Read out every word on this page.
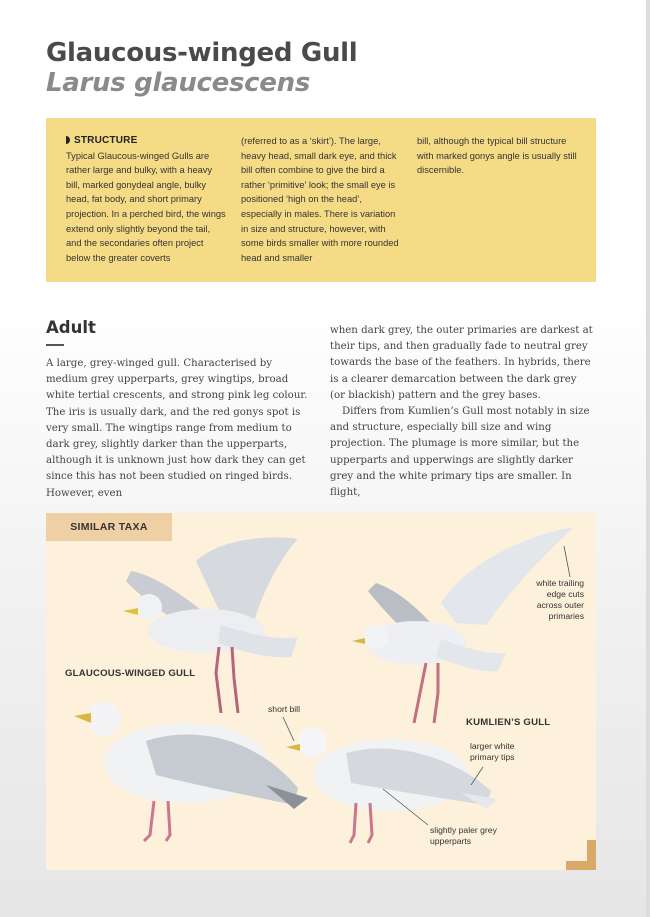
Glaucous-winged Gull
Larus glaucescens
STRUCTURE
Typical Glaucous-winged Gulls are rather large and bulky, with a heavy bill, marked gonydeal angle, bulky head, fat body, and short primary projection. In a perched bird, the wings extend only slightly beyond the tail, and the secondaries often project below the greater coverts
(referred to as a ‘skirt’). The large, heavy head, small dark eye, and thick bill often combine to give the bird a rather ‘primitive’ look; the small eye is positioned ‘high on the head’, especially in males. There is variation in size and structure, however, with some birds smaller with more rounded head and smaller
bill, although the typical bill structure with marked gonys angle is usually still discernible.
Adult

A large, grey-winged gull. Characterised by medium grey upperparts, grey wingtips, broad white tertial crescents, and strong pink leg colour. The iris is usually dark, and the red gonys spot is very small. The wingtips range from medium to dark grey, slightly darker than the upperparts, although it is unknown just how dark they can get since this has not been studied on ringed birds. However, even

when dark grey, the outer primaries are darkest at their tips, and then gradually fade to neutral grey towards the base of the feathers. In hybrids, there is a clearer demarcation between the dark grey (or blackish) pattern and the grey bases.

Differs from Kumlien’s Gull most notably in size and structure, especially bill size and wing projection. The plumage is more similar, but the upperparts and upperwings are slightly darker grey and the white primary tips are smaller. In flight,

SIMILAR TAXA
white trailing
edge cuts
across outer
primaries
GLAUCOUS-WINGED GULL
KUMLIEN’S GULL
short bill
larger white
primary tips
slightly paler grey
upperparts
